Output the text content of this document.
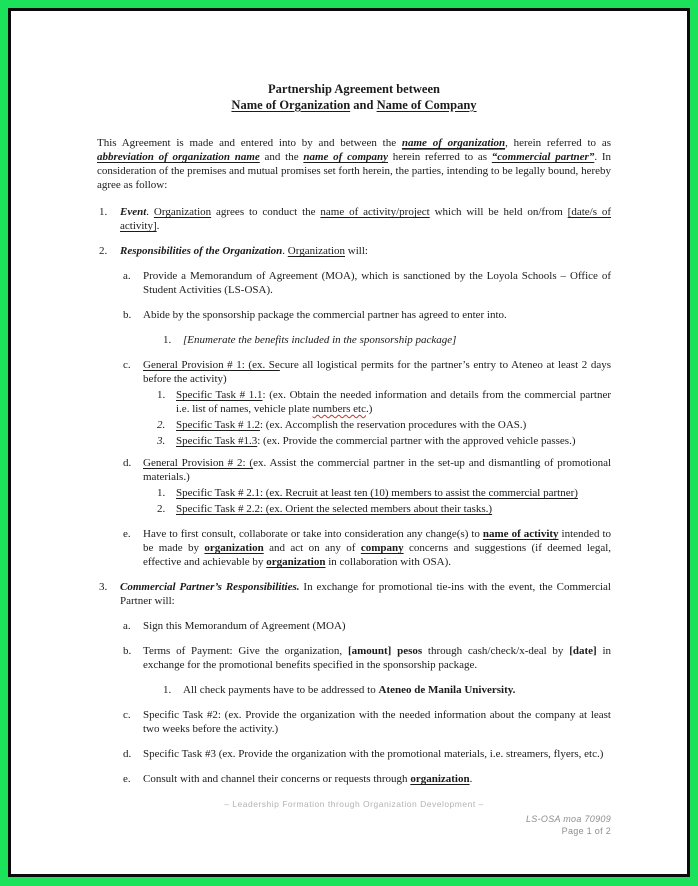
Partnership Agreement between
Name of Organization and Name of Company

This Agreement is made and entered into by and between the name of organization, herein referred to as abbreviation of organization name and the name of company herein referred to as “commercial partner”. In consideration of the premises and mutual promises set forth herein, the parties, intending to be legally bound, hereby agree as follow:

1.	Event. Organization agrees to conduct the name of activity/project which will be held on/from [date/s of activity].
2.	Responsibilities of the Organization. Organization will:
a.	Provide a Memorandum of Agreement (MOA), which is sanctioned by the Loyola Schools – Office of Student Activities (LS-OSA).
b.	Abide by the sponsorship package the commercial partner has agreed to enter into.
1.	[Enumerate the benefits included in the sponsorship package]
c.	General Provision # 1: (ex. Secure all logistical permits for the partner’s entry to Ateneo at least 2 days before the activity)
1. Specific Task # 1.1: (ex. Obtain the needed information and details from the commercial partner i.e. list of names, vehicle plate numbers etc.)
2. Specific Task # 1.2: (ex. Accomplish the reservation procedures with the OAS.)
3. Specific Task #1.3: (ex. Provide the commercial partner with the approved vehicle passes.)
d.	General Provision # 2: (ex. Assist the commercial partner in the set-up and dismantling of promotional materials.)
1. Specific Task # 2.1: (ex. Recruit at least ten (10) members to assist the commercial partner)
2. Specific Task # 2.2: (ex. Orient the selected members about their tasks.)
e.	Have to first consult, collaborate or take into consideration any change(s) to name of activity intended to be made by organization and act on any of company concerns and suggestions (if deemed legal, effective and achievable by organization in collaboration with OSA).
3.	Commercial Partner’s Responsibilities. In exchange for promotional tie-ins with the event, the Commercial Partner will:
a.	Sign this Memorandum of Agreement (MOA)
b.	Terms of Payment: Give the organization, [amount] pesos through cash/check/x-deal by [date] in exchange for the promotional benefits specified in the sponsorship package.
1.	All check payments have to be addressed to Ateneo de Manila University.
c.	Specific Task #2: (ex. Provide the organization with the needed information about the company at least two weeks before the activity.)
d.	Specific Task #3 (ex. Provide the organization with the promotional materials, i.e. streamers, flyers, etc.)
e.	Consult with and channel their concerns or requests through organization.
– Leadership Formation through Organization Development –
LS-OSA moa 70909
Page 1 of 2
